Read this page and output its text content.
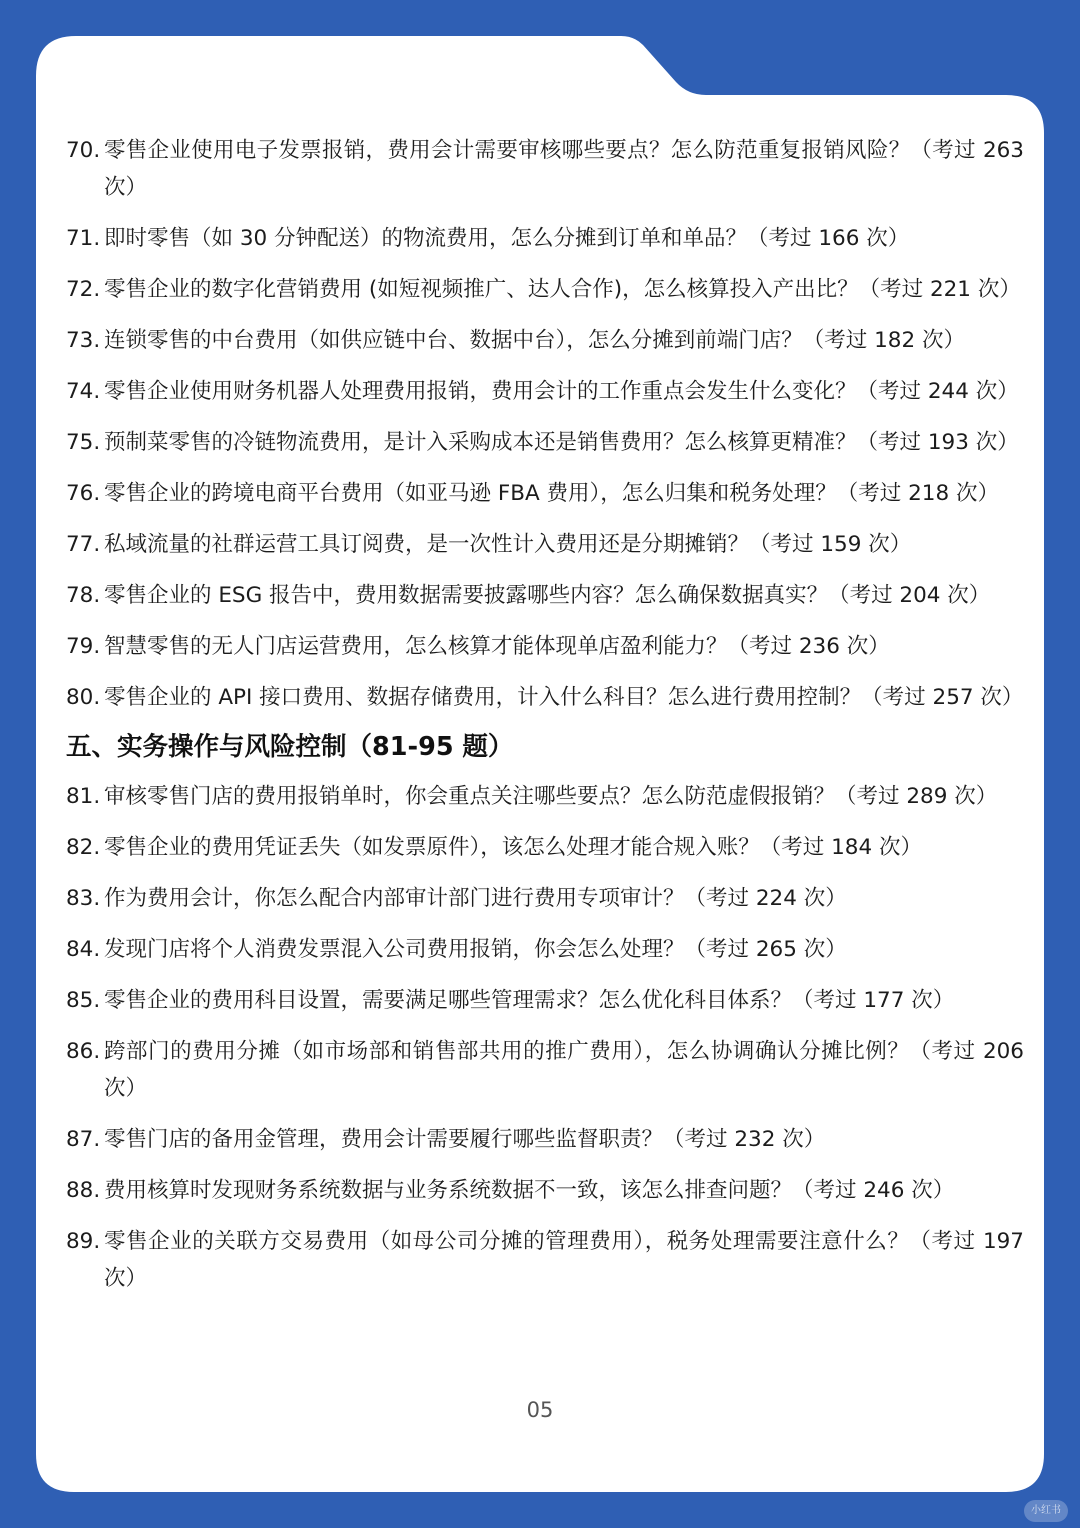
70. 零售企业使用电子发票报销，费用会计需要审核哪些要点？怎么防范重复报销风险？（考过 263 次）
71. 即时零售（如 30 分钟配送）的物流费用，怎么分摊到订单和单品？（考过 166 次）
72. 零售企业的数字化营销费用 (如短视频推广、达人合作)，怎么核算投入产出比？（考过 221 次）
73. 连锁零售的中台费用（如供应链中台、数据中台），怎么分摊到前端门店？（考过 182 次）
74. 零售企业使用财务机器人处理费用报销，费用会计的工作重点会发生什么变化？（考过 244 次）
75. 预制菜零售的冷链物流费用，是计入采购成本还是销售费用？怎么核算更精准？（考过 193 次）
76. 零售企业的跨境电商平台费用（如亚马逊 FBA 费用），怎么归集和税务处理？（考过 218 次）
77. 私域流量的社群运营工具订阅费，是一次性计入费用还是分期摊销？（考过 159 次）
78. 零售企业的 ESG 报告中，费用数据需要披露哪些内容？怎么确保数据真实？（考过 204 次）
79. 智慧零售的无人门店运营费用，怎么核算才能体现单店盈利能力？（考过 236 次）
80. 零售企业的 API 接口费用、数据存储费用，计入什么科目？怎么进行费用控制？（考过 257 次）
五、实务操作与风险控制（81-95 题）
81. 审核零售门店的费用报销单时，你会重点关注哪些要点？怎么防范虚假报销？（考过 289 次）
82. 零售企业的费用凭证丢失（如发票原件），该怎么处理才能合规入账？（考过 184 次）
83. 作为费用会计，你怎么配合内部审计部门进行费用专项审计？（考过 224 次）
84. 发现门店将个人消费发票混入公司费用报销，你会怎么处理？（考过 265 次）
85. 零售企业的费用科目设置，需要满足哪些管理需求？怎么优化科目体系？（考过 177 次）
86. 跨部门的费用分摊（如市场部和销售部共用的推广费用），怎么协调确认分摊比例？（考过 206 次）
87. 零售门店的备用金管理，费用会计需要履行哪些监督职责？（考过 232 次）
88. 费用核算时发现财务系统数据与业务系统数据不一致，该怎么排查问题？（考过 246 次）
89. 零售企业的关联方交易费用（如母公司分摊的管理费用），税务处理需要注意什么？（考过 197 次）
05
小红书
